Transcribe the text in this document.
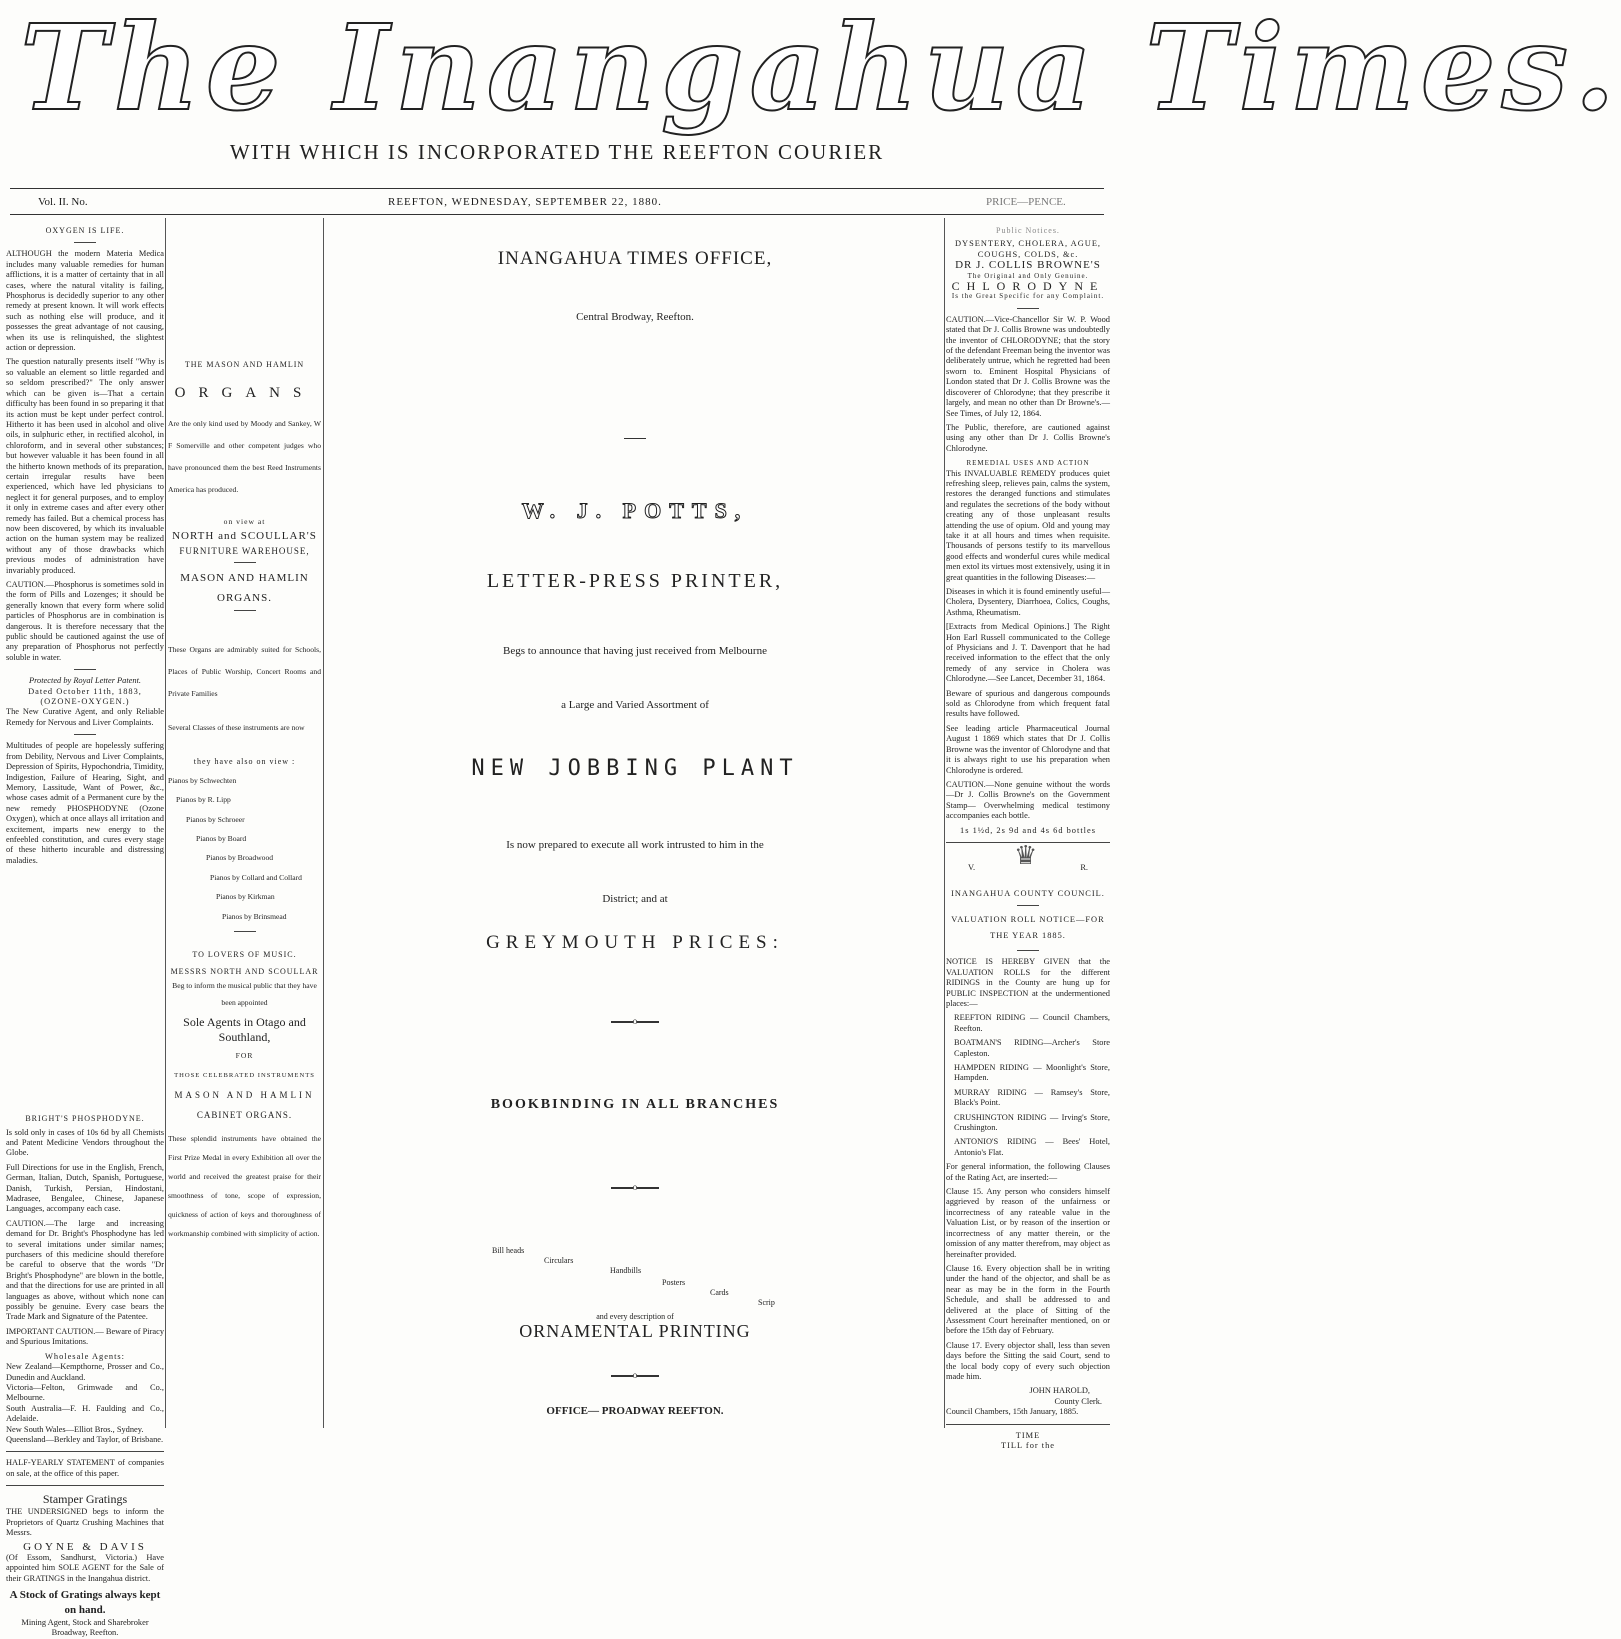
The Inangahua Times.
WITH WHICH IS INCORPORATED THE REEFTON COURIER
Vol. II. No.	REEFTON, WEDNESDAY, SEPTEMBER 22, 1880.	PRICE—PENCE.
OXYGEN IS LIFE.

ALTHOUGH the modern Materia Medica includes many valuable remedies for human afflictions, it is a matter of certainty that in all cases, where the natural vitality is failing, Phosphorus is decidedly superior to any other remedy at present known. It will work effects such as nothing else will produce, and it possesses the great advantage of not causing, when its use is relinquished, the slightest action or depression.

The question naturally presents itself "Why is so valuable an element so little regarded and so seldom prescribed?" The only answer which can be given is—That a certain difficulty has been found in so preparing it that its action must be kept under perfect control. Hitherto it has been used in alcohol and olive oils, in sulphuric ether, in rectified alcohol, in chloroform, and in several other substances; but however valuable it has been found in all the hitherto known methods of its preparation, certain irregular results have been experienced, which have led physicians to neglect it for general purposes, and to employ it only in extreme cases and after every other remedy has failed. But a chemical process has now been discovered, by which its invaluable action on the human system may be realized without any of those drawbacks which previous modes of administration have invariably produced.

CAUTION.—Phosphorus is sometimes sold in the form of Pills and Lozenges; it should be generally known that every form where solid particles of Phosphorus are in combination is dangerous. It is therefore necessary that the public should be cautioned against the use of any preparation of Phosphorus not perfectly soluble in water.

Protected by Royal Letter Patent.
Dated October 11th, 1883,
(OZONE-OXYGEN.)

The New Curative Agent, and only Reliable Remedy for Nervous and Liver Complaints.

Multitudes of people are hopelessly suffering from Debility, Nervous and Liver Complaints, Depression of Spirits, Hypochondria, Timidity, Indigestion, Failure of Hearing, Sight, and Memory, Lassitude, Want of Power, &c., whose cases admit of a Permanent cure by the new remedy PHOSPHODYNE (Ozone Oxygen), which at once allays all irritation and excitement, imparts new energy to the enfeebled constitution, and cures every stage of these hitherto incurable and distressing maladies.

BRIGHT'S PHOSPHODYNE.

Is sold only in cases of 10s 6d by all Chemists and Patent Medicine Vendors throughout the Globe.

Full Directions for use in the English, French, German, Italian, Dutch, Spanish, Portuguese, Danish, Turkish, Persian, Hindostani, Madrasee, Bengalee, Chinese, Japanese Languages, accompany each case.

CAUTION.—The large and increasing demand for Dr. Bright's Phosphodyne has led to several imitations under similar names; purchasers of this medicine should therefore be careful to observe that the words "Dr Bright's Phosphodyne" are blown in the bottle, and that the directions for use are printed in all languages as above, without which none can possibly be genuine. Every case bears the Trade Mark and Signature of the Patentee.

IMPORTANT CAUTION.— Beware of Piracy and Spurious Imitations.

Wholesale Agents:

New Zealand—Kempthorne, Prosser and Co., Dunedin and Auckland.

Victoria—Felton, Grimwade and Co., Melbourne.

South Australia—F. H. Faulding and Co., Adelaide.

New South Wales—Elliot Bros., Sydney.

Queensland—Berkley and Taylor, of Brisbane.

HALF-YEARLY STATEMENT of companies on sale, at the office of this paper.

Stamper Gratings

THE UNDERSIGNED begs to inform the Proprietors of Quartz Crushing Machines that Messrs.

GOYNE & DAVIS

(Of Essom, Sandhurst, Victoria.) Have appointed him SOLE AGENT for the Sale of their GRATINGS in the Inangahua district.

A Stock of Gratings always kept on hand.

Mining Agent, Stock and Sharebroker Broadway, Reefton.

THE MASON AND HAMLIN
ORGANS

Are the only kind used by Moody and Sankey, W F Somerville and other competent judges who have pronounced them the best Reed Instruments America has produced.

on view at
NORTH and SCOULLAR'S
FURNITURE WAREHOUSE,
MASON AND HAMLIN
ORGANS.

These Organs are admirably suited for Schools, Places of Public Worship, Concert Rooms and Private Families

Several Classes of these instruments are now

they have also on view :
Pianos by Schwechten
Pianos by R. Lipp
Pianos by Schroeer
Pianos by Board
Pianos by Broadwood
Pianos by Collard and Collard
Pianos by Kirkman
Pianos by Brinsmead
TO LOVERS OF MUSIC.
MESSRS NORTH AND SCOULLAR

Beg to inform the musical public that they have been appointed

Sole Agents in Otago and Southland,
FOR
THOSE CELEBRATED INSTRUMENTS
MASON AND HAMLIN
CABINET ORGANS.

These splendid instruments have obtained the First Prize Medal in every Exhibition all over the world and received the greatest praise for their smoothness of tone, scope of expression, quickness of action of keys and thoroughness of workmanship combined with simplicity of action.

INANGAHUA TIMES OFFICE,
Central Brodway, Reefton.
W. J. POTTS,
LETTER-PRESS PRINTER,
Begs to announce that having just received from Melbourne
a Large and Varied Assortment of
NEW JOBBING PLANT
Is now prepared to execute all work intrusted to him in the
District; and at
GREYMOUTH PRICES:
o
BOOKBINDING IN ALL BRANCHES
o
Bill heads
Circulars
Handbills
Posters
Cards
Scrip
and every description of
ORNAMENTAL PRINTING
o
OFFICE— PROADWAY REEFTON.
Public Notices.
DYSENTERY, CHOLERA, AGUE, COUGHS, COLDS, &c.
DR J. COLLIS BROWNE'S
The Original and Only Genuine.
CHLORODYNE
Is the Great Specific for any Complaint.

CAUTION.—Vice-Chancellor Sir W. P. Wood stated that Dr J. Collis Browne was undoubtedly the inventor of CHLORODYNE; that the story of the defendant Freeman being the inventor was deliberately untrue, which he regretted had been sworn to. Eminent Hospital Physicians of London stated that Dr J. Collis Browne was the discoverer of Chlorodyne; that they prescribe it largely, and mean no other than Dr Browne's.—See Times, of July 12, 1864.

The Public, therefore, are cautioned against using any other than Dr J. Collis Browne's Chlorodyne.

REMEDIAL USES AND ACTION

This INVALUABLE REMEDY produces quiet refreshing sleep, relieves pain, calms the system, restores the deranged functions and stimulates and regulates the secretions of the body without creating any of those unpleasant results attending the use of opium. Old and young may take it at all hours and times when requisite. Thousands of persons testify to its marvellous good effects and wonderful cures while medical men extol its virtues most extensively, using it in great quantities in the following Diseases:—

Diseases in which it is found eminently useful—Cholera, Dysentery, Diarrhoea, Colics, Coughs, Asthma, Rheumatism.

[Extracts from Medical Opinions.] The Right Hon Earl Russell communicated to the College of Physicians and J. T. Davenport that he had received information to the effect that the only remedy of any service in Cholera was Chlorodyne.—See Lancet, December 31, 1864.

Beware of spurious and dangerous compounds sold as Chlorodyne from which frequent fatal results have followed.

See leading article Pharmaceutical Journal August 1 1869 which states that Dr J. Collis Browne was the inventor of Chlorodyne and that it is always right to use his preparation when Chlorodyne is ordered.

CAUTION.—None genuine without the words—Dr J. Collis Browne's on the Government Stamp— Overwhelming medical testimony accompanies each bottle.

1s 1½d, 2s 9d and 4s 6d bottles
V. ♛	R.
INANGAHUA COUNTY COUNCIL.
VALUATION ROLL NOTICE—FOR THE YEAR 1885.

NOTICE IS HEREBY GIVEN that the VALUATION ROLLS for the different RIDINGS in the County are hung up for PUBLIC INSPECTION at the undermentioned places:—

REEFTON RIDING — Council Chambers, Reefton.

BOATMAN'S RIDING—Archer's Store Capleston.

HAMPDEN RIDING — Moonlight's Store, Hampden.

MURRAY RIDING — Ramsey's Store, Black's Point.

CRUSHINGTON RIDING — Irving's Store, Crushington.

ANTONIO'S RIDING — Bees' Hotel, Antonio's Flat.

For general information, the following Clauses of the Rating Act, are inserted:—

Clause 15. Any person who considers himself aggrieved by reason of the unfairness or incorrectness of any rateable value in the Valuation List, or by reason of the insertion or incorrectness of any matter therein, or the omission of any matter therefrom, may object as hereinafter provided.

Clause 16. Every objection shall be in writing under the hand of the objector, and shall be as near as may be in the form in the Fourth Schedule, and shall be addressed to and delivered at the place of Sitting of the Assessment Court hereinafter mentioned, on or before the 15th day of February.

Clause 17. Every objector shall, less than seven days before the Sitting the said Court, send to the local body copy of every such objection made him.

JOHN HAROLD,
County Clerk.
Council Chambers, 15th January, 1885.
TIME
TILL for the
